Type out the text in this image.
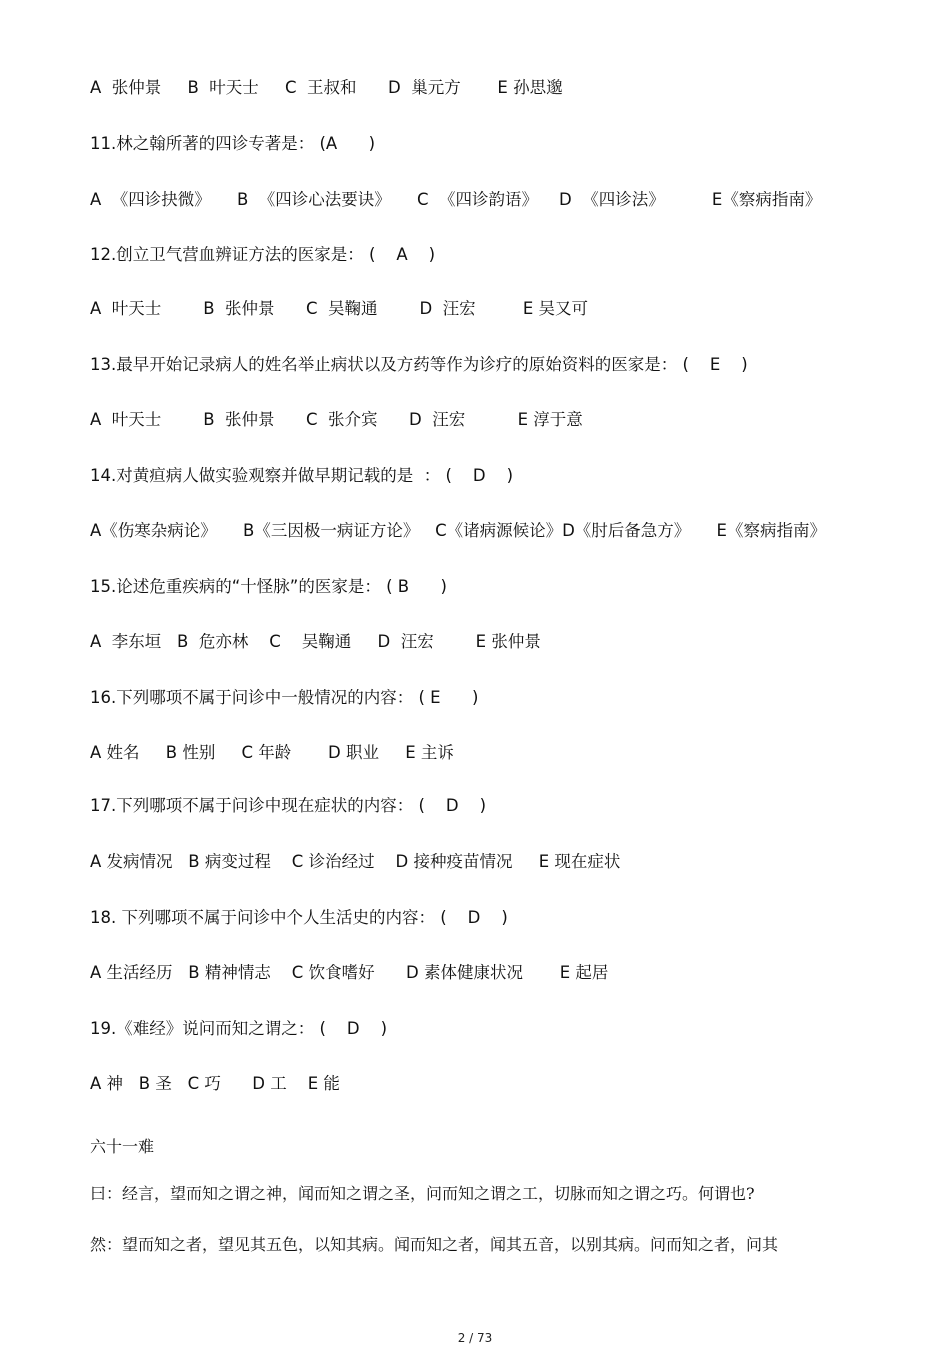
A  张仲景     B  叶天士     C  王叔和      D  巢元方       E 孙思邈
11.林之翰所著的四诊专著是： (A      )
A  《四诊抉微》     B  《四诊心法要诀》     C  《四诊韵语》    D  《四诊法》         E《察病指南》
12.创立卫气营血辨证方法的医家是： (    A    )
A  叶天士        B  张仲景      C  吴鞠通        D  汪宏         E 吴又可
13.最早开始记录病人的姓名举止病状以及方药等作为诊疗的原始资料的医家是： (    E    )
A  叶天士        B  张仲景      C  张介宾      D  汪宏          E 淳于意
14.对黄疸病人做实验观察并做早期记载的是  ： (    D    )
A《伤寒杂病论》     B《三因极一病证方论》   C《诸病源候论》D《肘后备急方》     E《察病指南》
15.论述危重疾病的“十怪脉”的医家是： ( B      )
A  李东垣   B  危亦林    C    吴鞠通     D  汪宏        E 张仲景
16.下列哪项不属于问诊中一般情况的内容： ( E      )
A 姓名     B 性别     C 年龄       D 职业     E 主诉
17.下列哪项不属于问诊中现在症状的内容： (    D    )
A 发病情况   B 病变过程    C 诊治经过    D 接种疫苗情况     E 现在症状
18. 下列哪项不属于问诊中个人生活史的内容： (    D    )
A 生活经历   B 精神情志    C 饮食嗜好      D 素体健康状况       E 起居
19.《难经》说问而知之谓之： (    D    )
A 神   B 圣   C 巧      D 工    E 能
六十一难
曰：经言，望而知之谓之神，闻而知之谓之圣，问而知之谓之工，切脉而知之谓之巧。何谓也?
然：望而知之者，望见其五色，以知其病。闻而知之者，闻其五音，以别其病。问而知之者，问其
2 / 73
